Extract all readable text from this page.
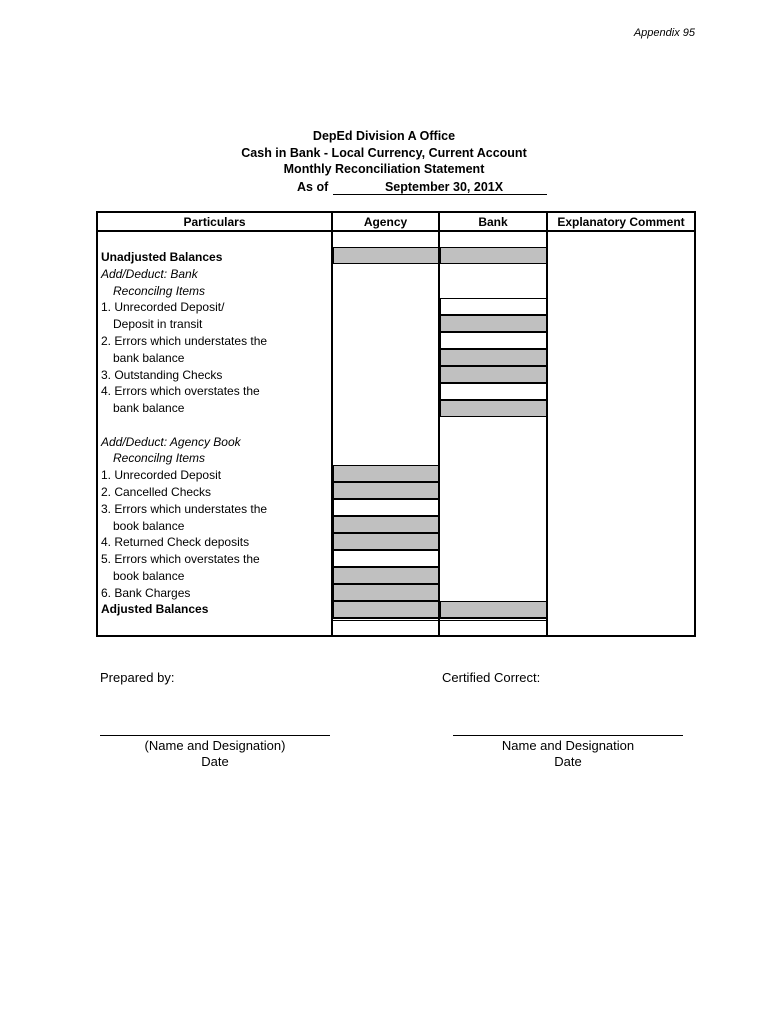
Appendix 95
DepEd Division A Office
Cash in Bank - Local Currency, Current Account
Monthly Reconciliation Statement
As of	September 30, 201X
Particulars	Agency	Bank	Explanatory Comment
Unadjusted Balances
Add/Deduct: Bank
Reconcilng Items
1. Unrecorded Deposit/
Deposit in transit
2. Errors which understates the
bank balance
3. Outstanding Checks
4. Errors which overstates the
bank balance
Add/Deduct: Agency Book
Reconcilng Items
1. Unrecorded Deposit
2. Cancelled Checks
3. Errors which understates the
book balance
4. Returned Check deposits
5. Errors which overstates the
book balance
6. Bank Charges
Adjusted Balances
Prepared by:	Certified Correct:
(Name and Designation)
Date
Name and Designation
Date
